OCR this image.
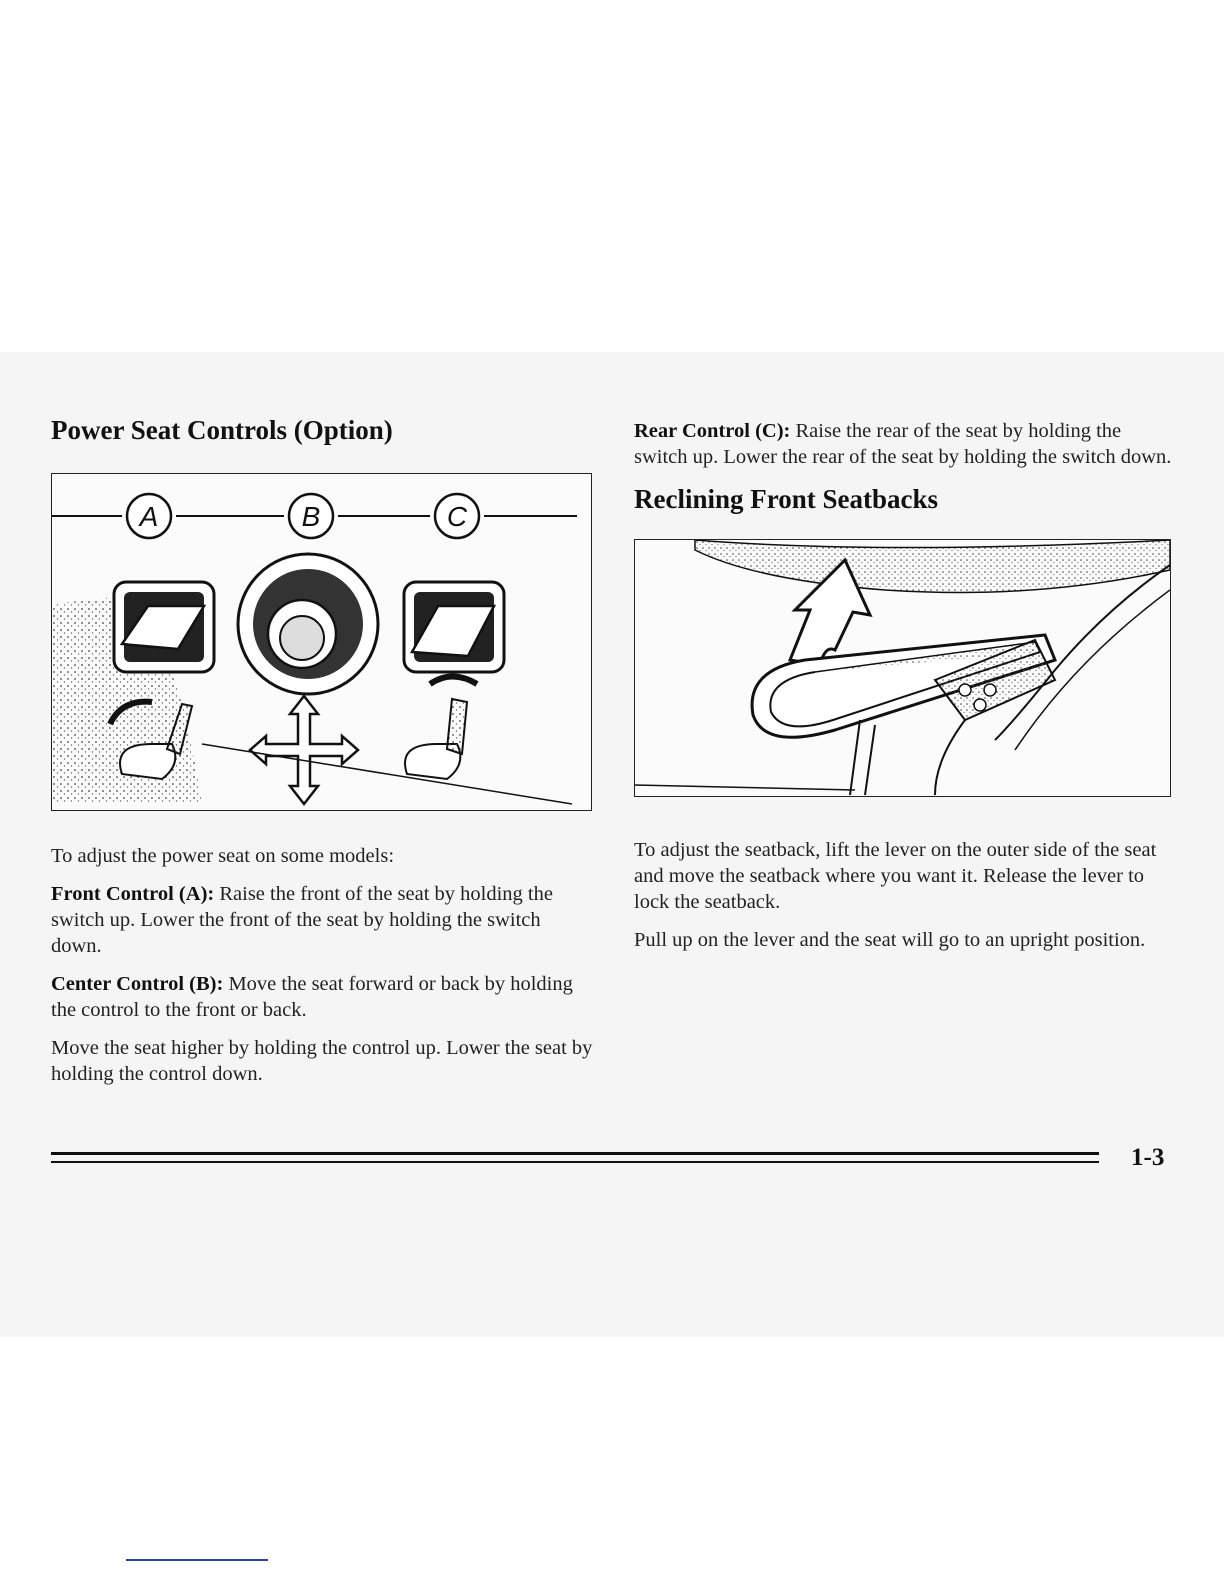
Power Seat Controls (Option)
A	B	C

To adjust the power seat on some models:

Front Control (A): Raise the front of the seat by holding the switch up. Lower the front of the seat by holding the switch down.

Center Control (B): Move the seat forward or back by holding the control to the front or back.

Move the seat higher by holding the control up. Lower the seat by holding the control down.

Rear Control (C): Raise the rear of the seat by holding the switch up. Lower the rear of the seat by holding the switch down.

Reclining Front Seatbacks

To adjust the seatback, lift the lever on the outer side of the seat and move the seatback where you want it. Release the lever to lock the seatback.

Pull up on the lever and the seat will go to an upright position.

1-3
